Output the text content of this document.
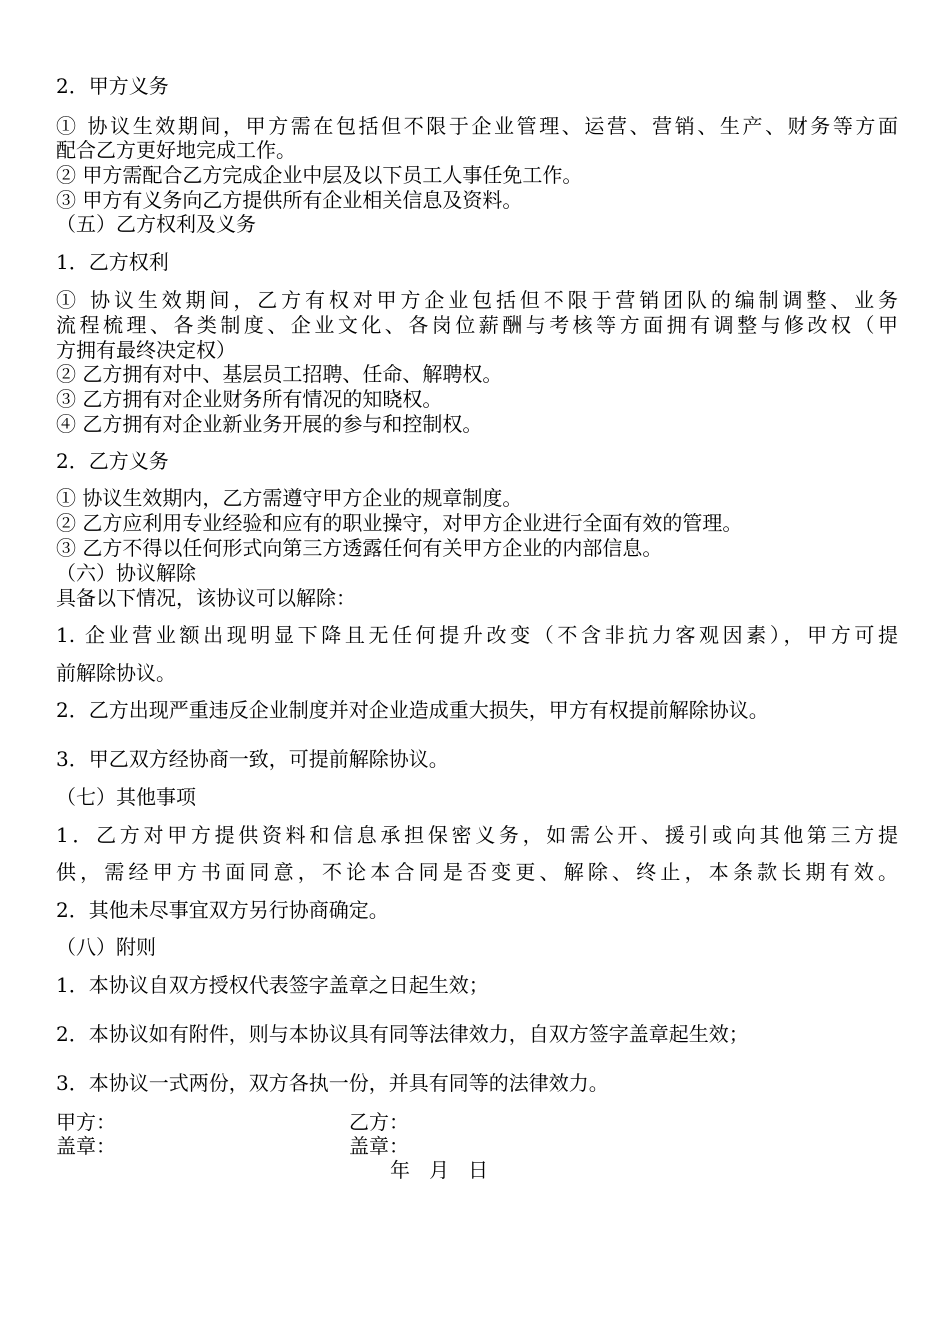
2．甲方义务
① 协议生效期间，甲方需在包括但不限于企业管理、运营、营销、生产、财务等方面
配合乙方更好地完成工作。
② 甲方需配合乙方完成企业中层及以下员工人事任免工作。
③ 甲方有义务向乙方提供所有企业相关信息及资料。
（五）乙方权利及义务
1．乙方权利
① 协议生效期间，乙方有权对甲方企业包括但不限于营销团队的编制调整、业务
流程梳理、各类制度、企业文化、各岗位薪酬与考核等方面拥有调整与修改权（甲
方拥有最终决定权）
② 乙方拥有对中、基层员工招聘、任命、解聘权。
③ 乙方拥有对企业财务所有情况的知晓权。
④ 乙方拥有对企业新业务开展的参与和控制权。
2．乙方义务
① 协议生效期内，乙方需遵守甲方企业的规章制度。
② 乙方应利用专业经验和应有的职业操守，对甲方企业进行全面有效的管理。
③ 乙方不得以任何形式向第三方透露任何有关甲方企业的内部信息。
（六）协议解除
具备以下情况，该协议可以解除：
1. 企业营业额出现明显下降且无任何提升改变（不含非抗力客观因素），甲方可提
前解除协议。
2．乙方出现严重违反企业制度并对企业造成重大损失，甲方有权提前解除协议。
3．甲乙双方经协商一致，可提前解除协议。
（七）其他事项
1．乙方对甲方提供资料和信息承担保密义务，如需公开、援引或向其他第三方提
供，需经甲方书面同意，不论本合同是否变更、解除、终止，本条款长期有效。
2．其他未尽事宜双方另行协商确定。
（八）附则
1．本协议自双方授权代表签字盖章之日起生效；
2．本协议如有附件，则与本协议具有同等法律效力，自双方签字盖章起生效；
3．本协议一式两份，双方各执一份，并具有同等的法律效力。
甲方：
盖章：
乙方：
盖章：
年   月   日
